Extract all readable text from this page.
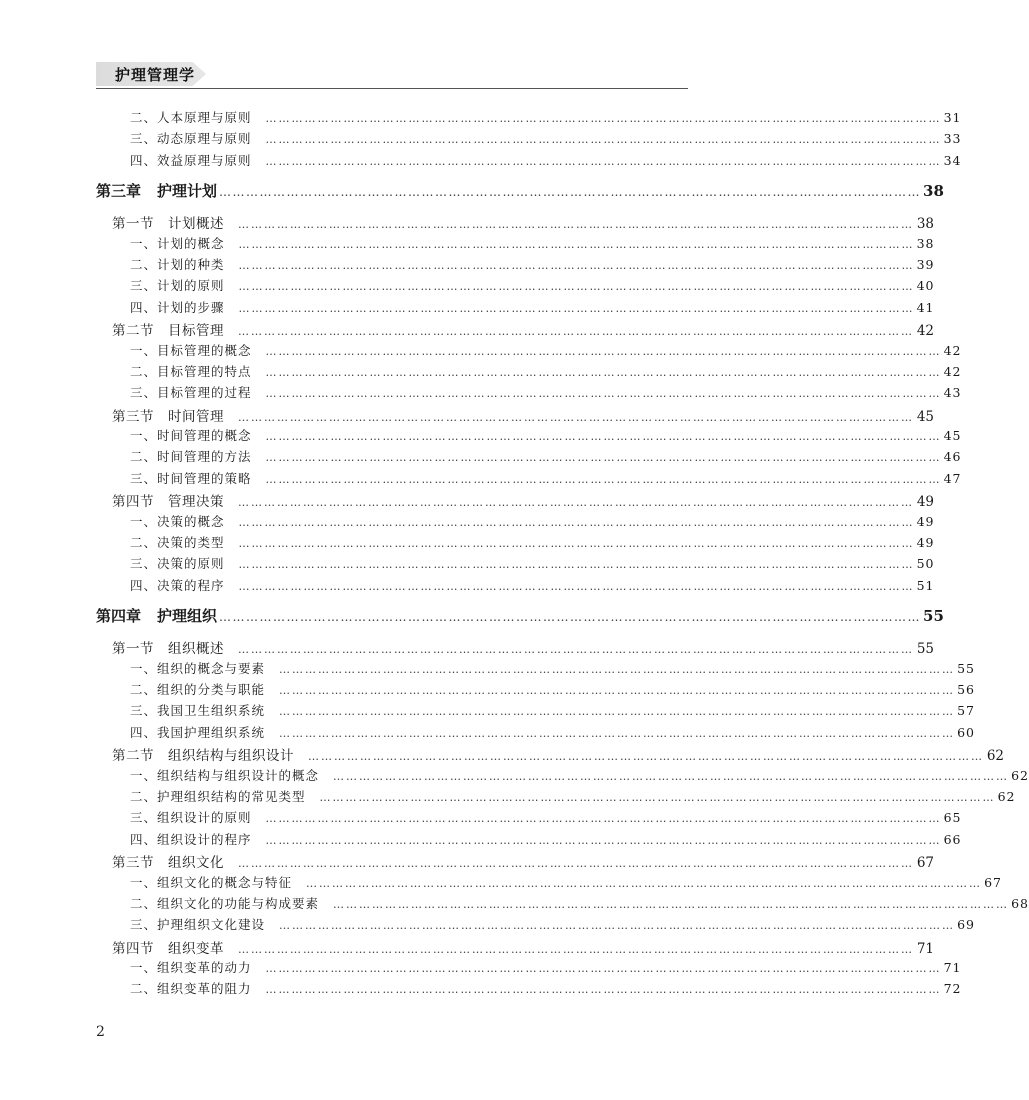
护理管理学
二、人本原理与原则 ………………………………………………………………………………………………………………………………………… 31
三、动态原理与原则 ………………………………………………………………………………………………………………………………………… 33
四、效益原理与原则 ………………………………………………………………………………………………………………………………………… 34
第三章 护理计划 ………………………………………………………………………………………………………………………………………… 38
第一节　计划概述 ………………………………………………………………………………………………………………………………………… 38
一、计划的概念 ………………………………………………………………………………………………………………………………………… 38
二、计划的种类 ………………………………………………………………………………………………………………………………………… 39
三、计划的原则 ………………………………………………………………………………………………………………………………………… 40
四、计划的步骤 ………………………………………………………………………………………………………………………………………… 41
第二节　目标管理 ………………………………………………………………………………………………………………………………………… 42
一、目标管理的概念 ………………………………………………………………………………………………………………………………………… 42
二、目标管理的特点 ………………………………………………………………………………………………………………………………………… 42
三、目标管理的过程 ………………………………………………………………………………………………………………………………………… 43
第三节　时间管理 ………………………………………………………………………………………………………………………………………… 45
一、时间管理的概念 ………………………………………………………………………………………………………………………………………… 45
二、时间管理的方法 ………………………………………………………………………………………………………………………………………… 46
三、时间管理的策略 ………………………………………………………………………………………………………………………………………… 47
第四节　管理决策 ………………………………………………………………………………………………………………………………………… 49
一、决策的概念 ………………………………………………………………………………………………………………………………………… 49
二、决策的类型 ………………………………………………………………………………………………………………………………………… 49
三、决策的原则 ………………………………………………………………………………………………………………………………………… 50
四、决策的程序 ………………………………………………………………………………………………………………………………………… 51
第四章 护理组织 ………………………………………………………………………………………………………………………………………… 55
第一节　组织概述 ………………………………………………………………………………………………………………………………………… 55
一、组织的概念与要素 ………………………………………………………………………………………………………………………………………… 55
二、组织的分类与职能 ………………………………………………………………………………………………………………………………………… 56
三、我国卫生组织系统 ………………………………………………………………………………………………………………………………………… 57
四、我国护理组织系统 ………………………………………………………………………………………………………………………………………… 60
第二节　组织结构与组织设计 ………………………………………………………………………………………………………………………………………… 62
一、组织结构与组织设计的概念 ………………………………………………………………………………………………………………………………………… 62
二、护理组织结构的常见类型 ………………………………………………………………………………………………………………………………………… 62
三、组织设计的原则 ………………………………………………………………………………………………………………………………………… 65
四、组织设计的程序 ………………………………………………………………………………………………………………………………………… 66
第三节　组织文化 ………………………………………………………………………………………………………………………………………… 67
一、组织文化的概念与特征 ………………………………………………………………………………………………………………………………………… 67
二、组织文化的功能与构成要素 ………………………………………………………………………………………………………………………………………… 68
三、护理组织文化建设 ………………………………………………………………………………………………………………………………………… 69
第四节　组织变革 ………………………………………………………………………………………………………………………………………… 71
一、组织变革的动力 ………………………………………………………………………………………………………………………………………… 71
二、组织变革的阻力 ………………………………………………………………………………………………………………………………………… 72
2
